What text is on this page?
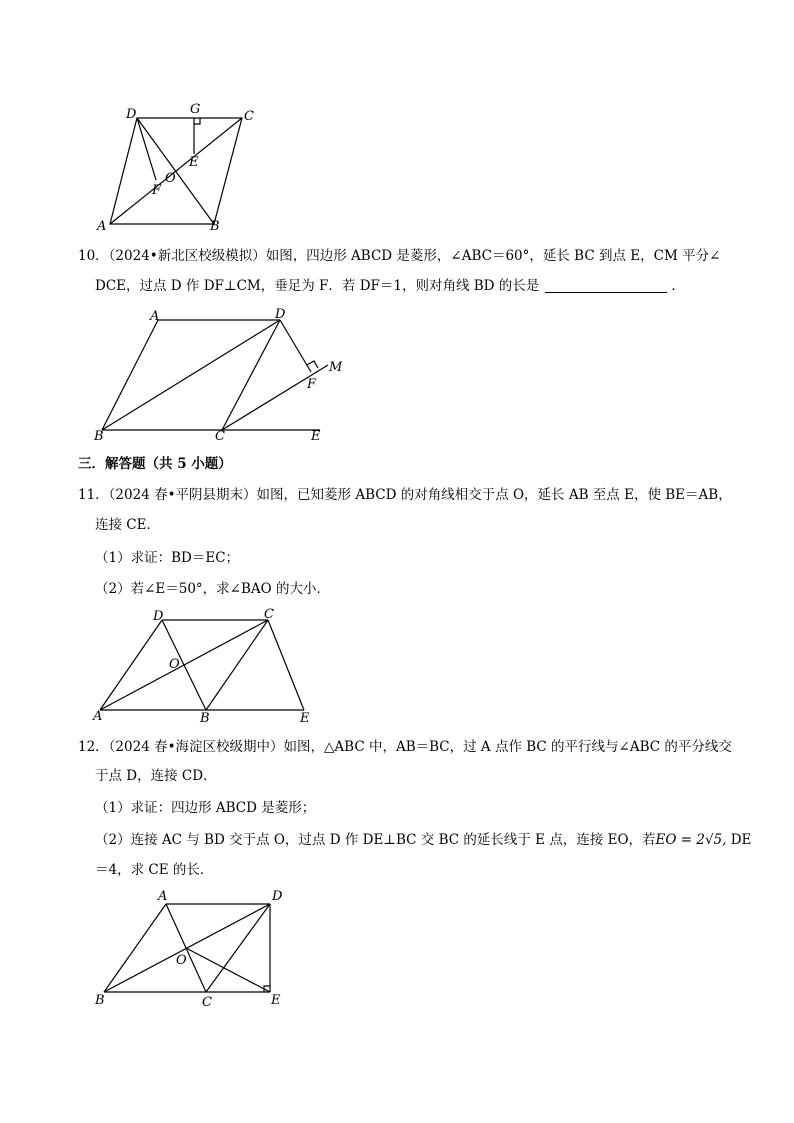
D	G	C
E
O
F
A	B
10．（2024•新北区校级模拟）如图，四边形 ABCD 是菱形，∠ABC＝60°，延长 BC 到点 E，CM 平分∠
DCE，过点 D 作 DF⊥CM，垂足为 F．若 DF＝1，则对角线 BD 的长是	．
A	D
M
F
B	C	E
三．解答题（共 5 小题）
11．（2024 春•平阴县期末）如图，已知菱形 ABCD 的对角线相交于点 O，延长 AB 至点 E，使 BE＝AB，
连接 CE．
（1）求证：BD＝EC；
（2）若∠E＝50°，求∠BAO 的大小．
D	C
O
A	B	E
12．（2024 春•海淀区校级期中）如图，△ABC 中，AB＝BC，过 A 点作 BC 的平行线与∠ABC 的平分线交
于点 D，连接 CD．
（1）求证：四边形 ABCD 是菱形；
（2）连接 AC 与 BD 交于点 O，过点 D 作 DE⊥BC 交 BC 的延长线于 E 点，连接 EO，若EO = 2√5, DE
＝4，求 CE 的长．
A	D
O
B	C	E
